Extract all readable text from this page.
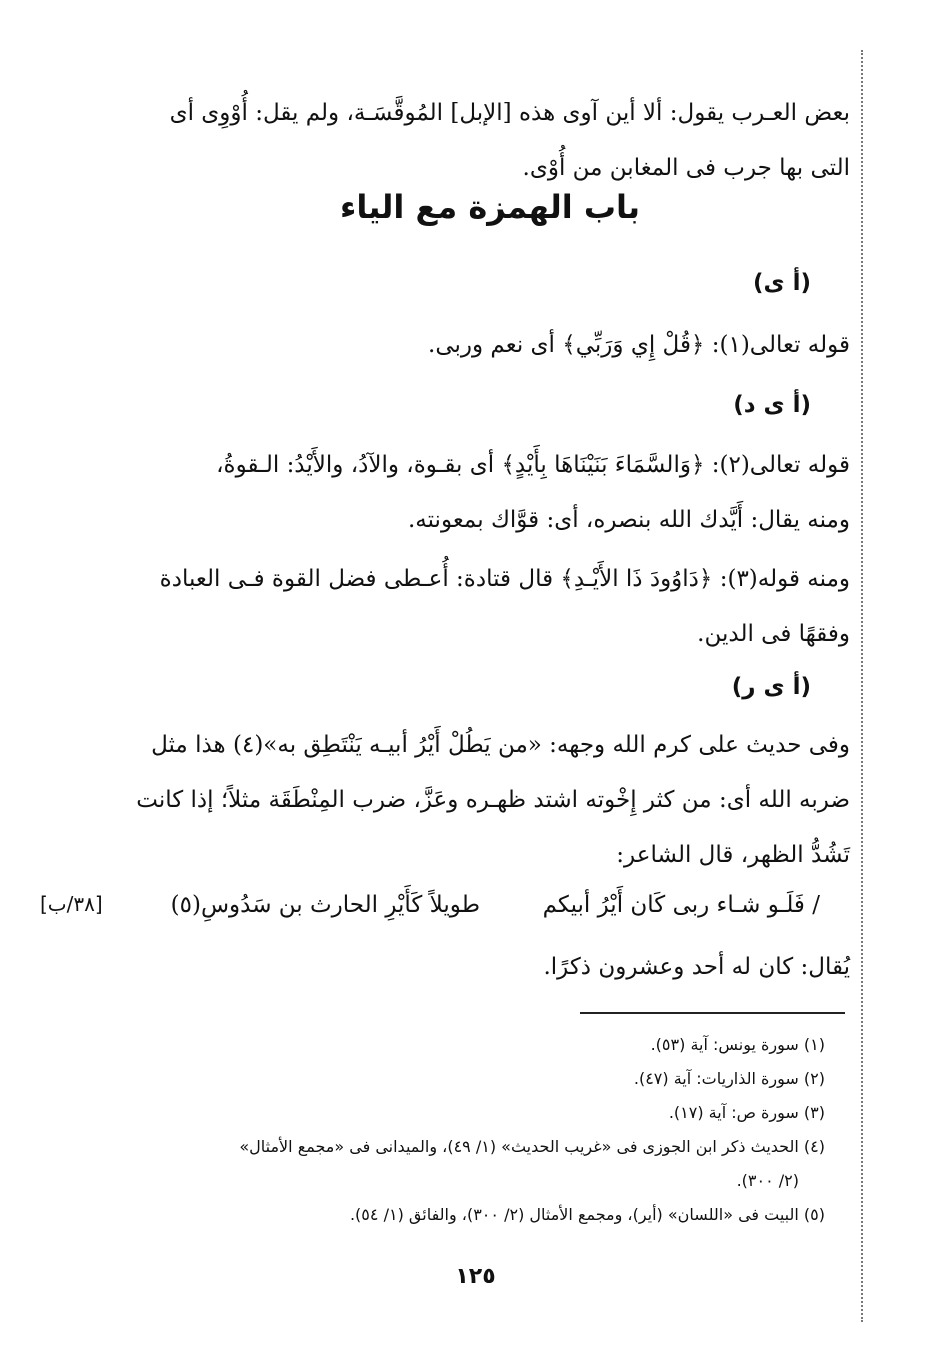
بعض العـرب يقول: ألا أين آوى هذه [الإبل] المُوقَّسَـة، ولم يقل: أُوْوِى أى
التى بها جرب فى المغابن من أُوْى.
باب الهمزة مع الياء
(أ ى)
قوله تعالى(١): ﴿قُلْ إِي وَرَبِّي﴾ أى نعم وربى.
(أ ى د)
قوله تعالى(٢): ﴿وَالسَّمَاءَ بَنَيْنَاهَا بِأَيْدٍ﴾ أى بقـوة، والآدُ، والأَيْدُ: الـقوةُ،
ومنه يقال: أَيَّدك الله بنصره، أى: قوَّاك بمعونته.
ومنه قوله(٣): ﴿دَاوُودَ ذَا الأَيْـدِ﴾ قال قتادة: أُعـطى فضل القوة فـى العبادة
وفقهًا فى الدين.
(أ ى ر)
وفى حديث على كرم الله وجهه: «من يَطُلْ أَيْرُ أبيـه يَنْتَطِق به»(٤) هذا مثل
ضربه الله أى: من كثر إِخْوته اشتد ظهـره وعَزَّ، ضرب المِنْطَقَة مثلاً؛ إذا كانت
تَشُدُّ الظهر، قال الشاعر:
/ فَلَـو شـاء ربى كَان أَيْرُ أبيكم
طويلاً كَأَيْرِ الحارث بن سَدُوسِ(٥)
[٣٨/ب]
يُقال: كان له أحد وعشرون ذكرًا.
(١) سورة يونس: آية (٥٣).
(٢) سورة الذاريات: آية (٤٧).
(٣) سورة ص: آية (١٧).
(٤) الحديث ذكر ابن الجوزى فى «غريب الحديث» (١/ ٤٩)، والميدانى فى «مجمع الأمثال»
(٢/ ٣٠٠).
(٥) البيت فى «اللسان» (أير)، ومجمع الأمثال (٢/ ٣٠٠)، والفائق (١/ ٥٤).
١٢٥
